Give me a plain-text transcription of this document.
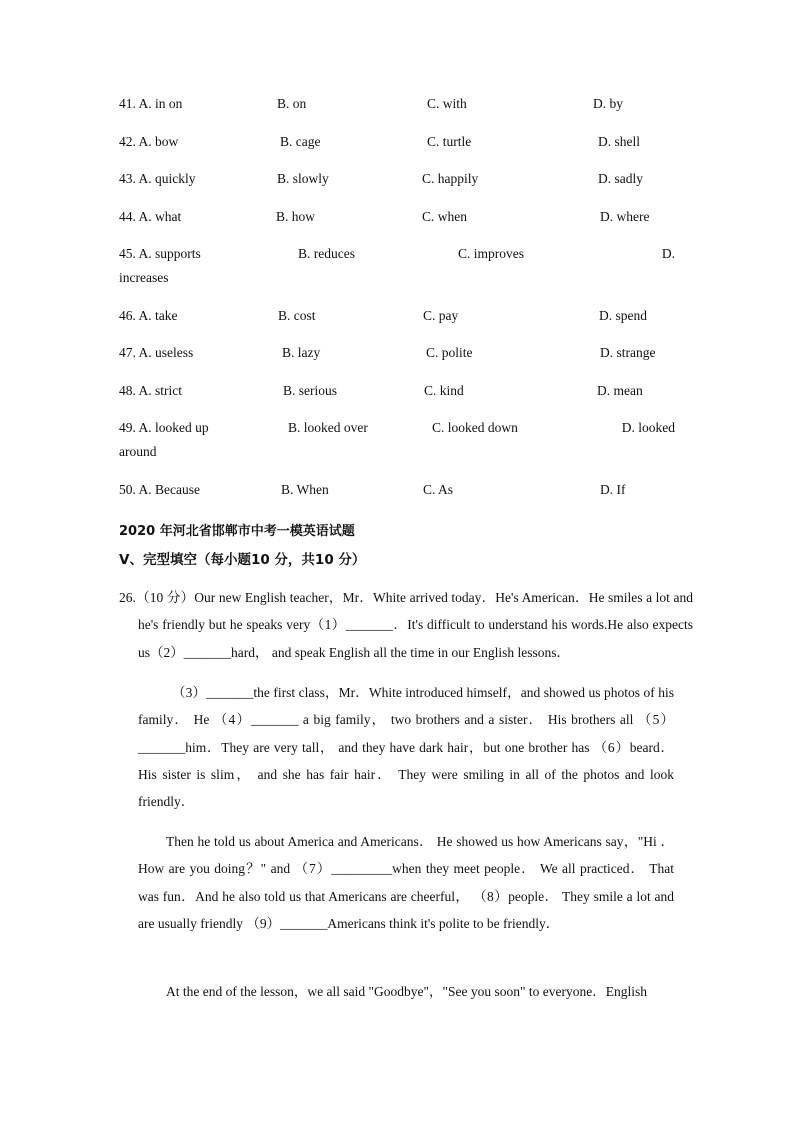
41. A. in on	B. on	C. with	D. by
42. A. bow	B. cage	C. turtle	D. shell
43. A. quickly	B. slowly	C. happily	D. sadly
44. A. what	B. how	C. when	D. where
45. A. supports	B. reduces	C. improves	D.
increases
46. A. take	B. cost	C. pay	D. spend
47. A. useless	B. lazy	C. polite	D. strange
48. A. strict	B. serious	C. kind	D. mean
49. A. looked up	B. looked over	C. looked down	D. looked
around
50. A. Because	B. When	C. As	D. If
2020 年河北省邯郸市中考一模英语试题
Ⅴ、完型填空（每小题10 分，共10 分）
26.（10 分）Our new English teacher，Mr．White arrived today．He's American．He smiles a lot and he's friendly but he speaks very（1）_______．It's difficult to understand his words.He also expects us（2）_______hard， and speak English all the time in our English lessons．
（3）_______the first class，Mr．White introduced himself，and showed us photos of his family． He （4）_______ a big family， two brothers and a sister． His brothers all （5）_______him．They are very tall， and they have dark hair，but one brother has （6）beard．His sister is slim， and she has fair hair． They were smiling in all of the photos and look friendly．
Then he told us about America and Americans． He showed us how Americans say，"Hi ．How are you doing？" and （7）_________when they meet people． We all practiced． That was fun．And he also told us that Americans are cheerful， （8）people． They smile a lot and are usually friendly （9）_______Americans think it's polite to be friendly．
At the end of the lesson，we all said "Goodbye"，"See you soon" to everyone．English
